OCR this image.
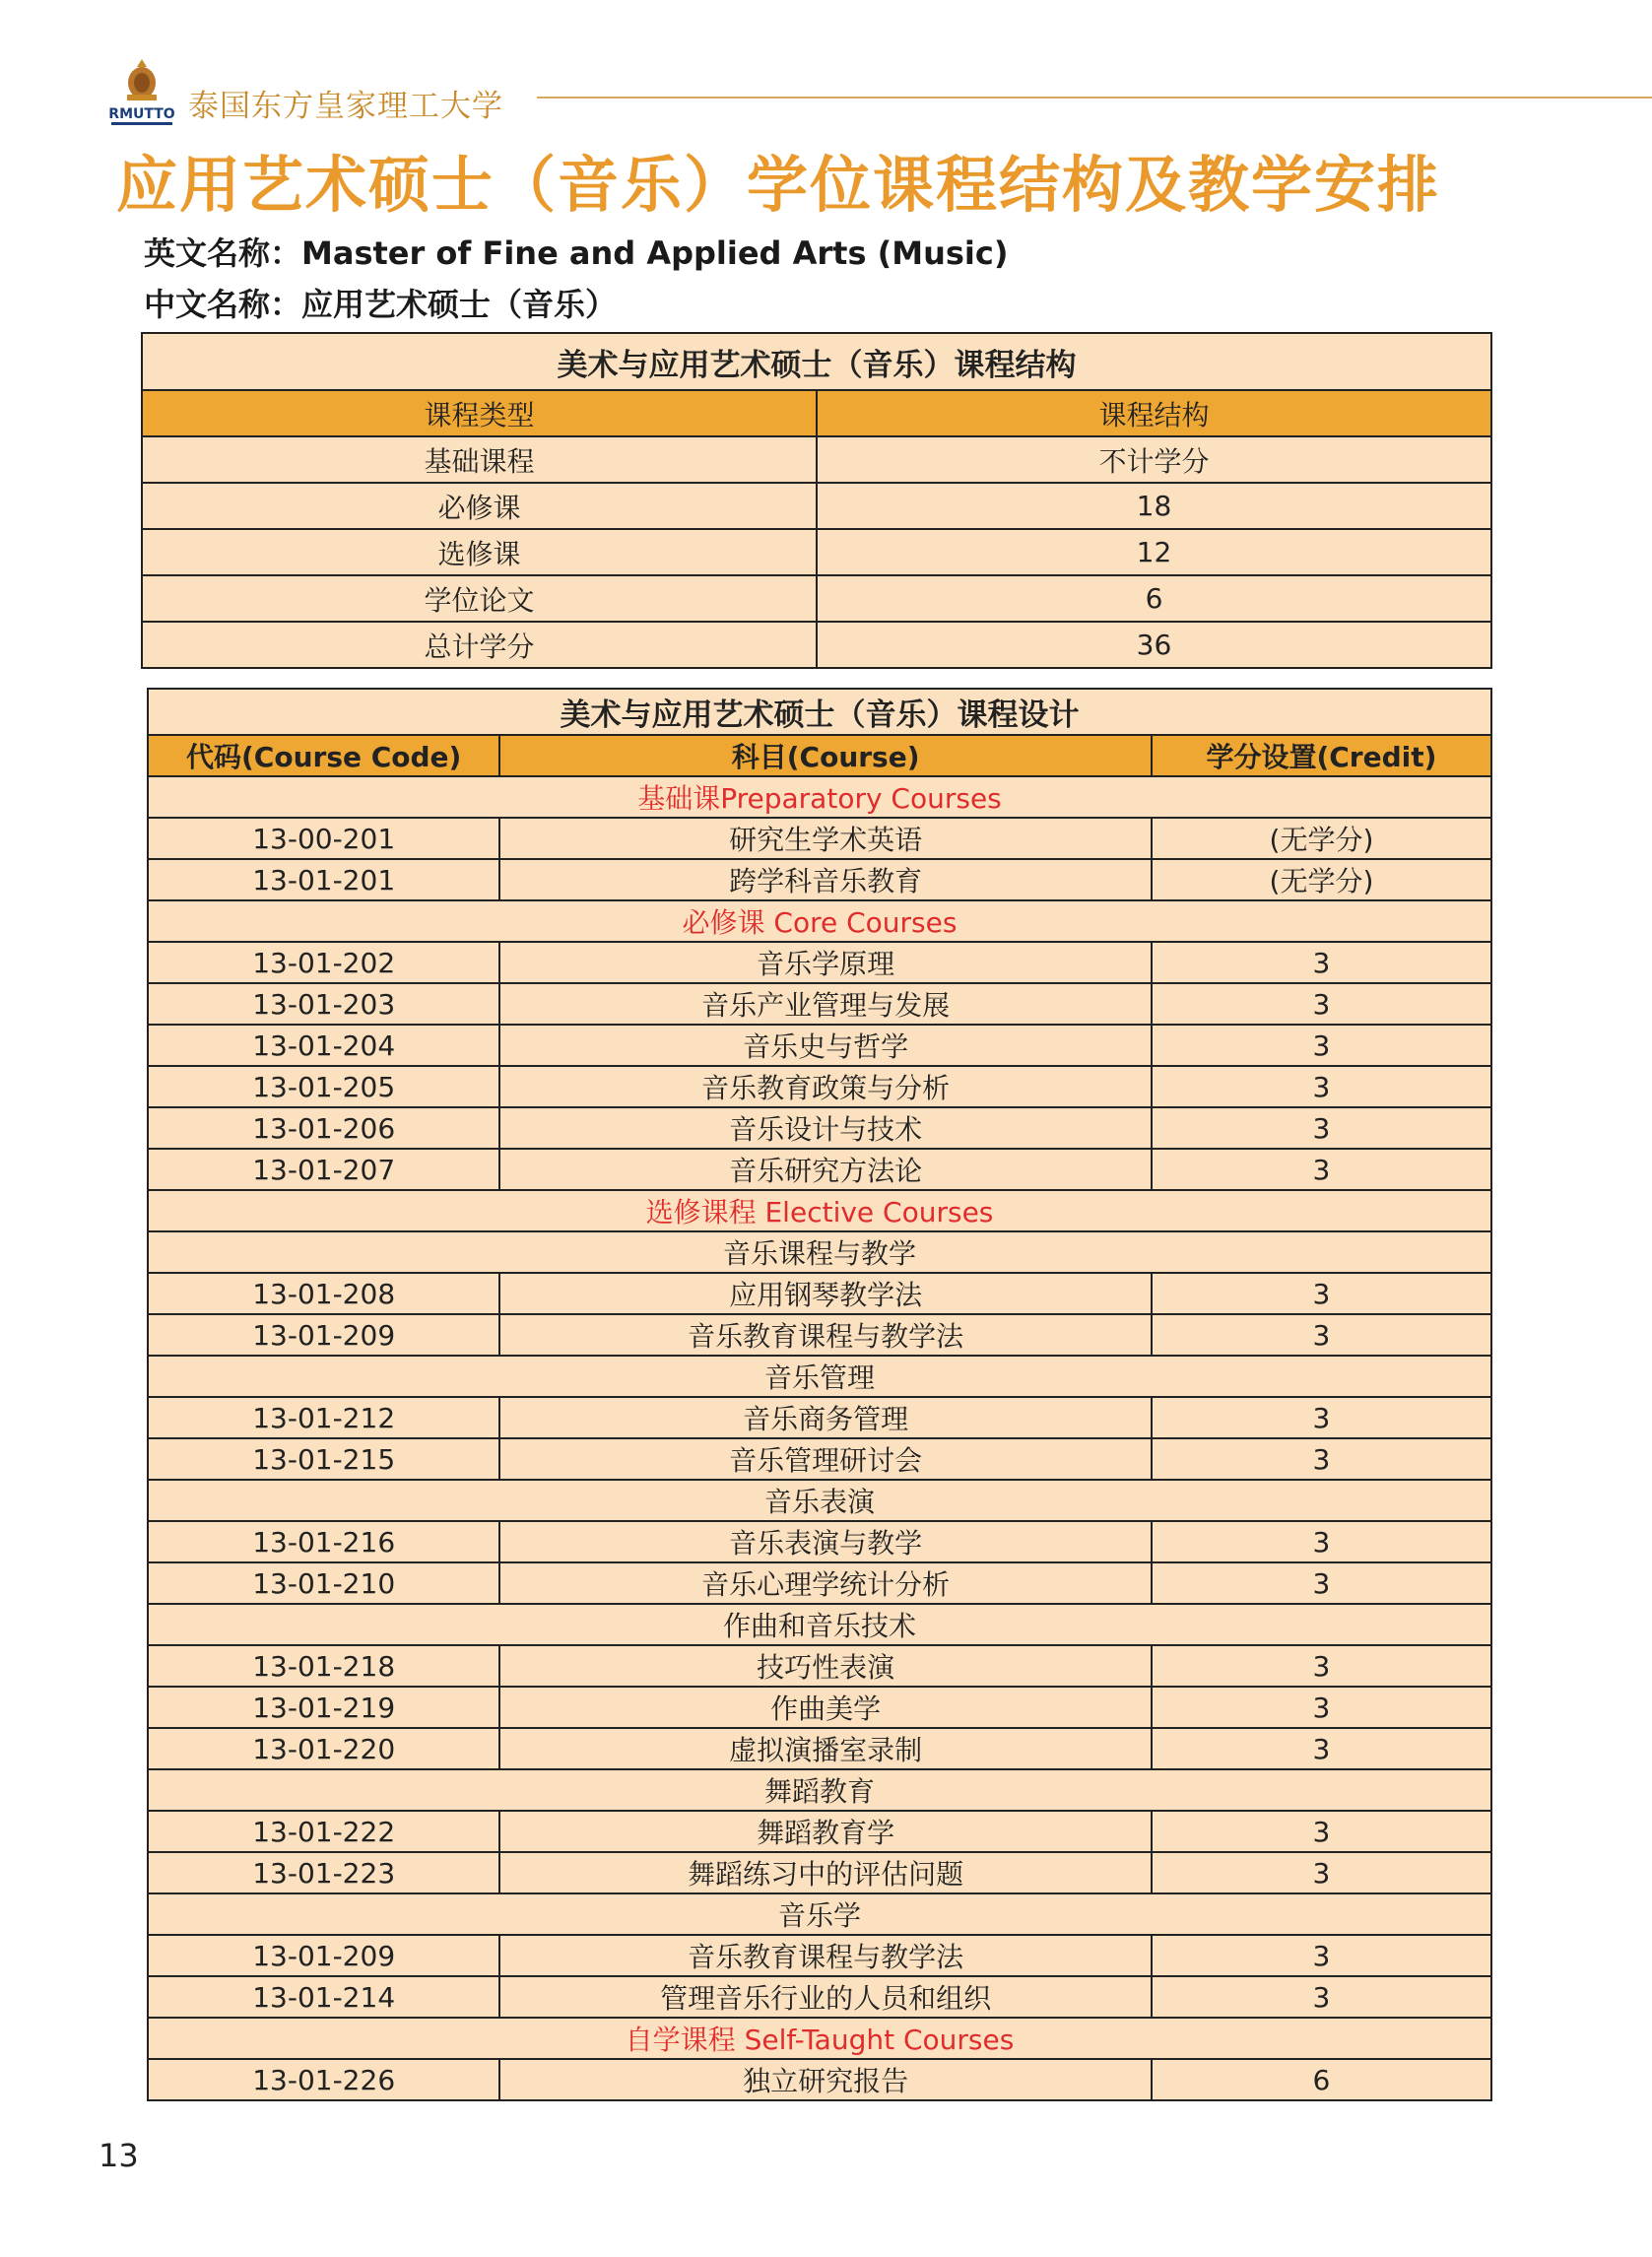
RMUTTO 泰国东方皇家理工大学
应用艺术硕士（音乐）学位课程结构及教学安排
英文名称：Master of Fine and Applied Arts (Music)
中文名称：应用艺术硕士（音乐）
美术与应用艺术硕士（音乐）课程结构	
课程类型	课程结构
基础课程	不计学分
必修课	18
选修课	12
学位论文	6
总计学分	36
美术与应用艺术硕士（音乐）课程设计		
代码(Course Code)	科目(Course)	学分设置(Credit)
基础课Preparatory Courses		
13-00-201	研究生学术英语	(无学分)
13-01-201	跨学科音乐教育	(无学分)
必修课 Core Courses		
13-01-202	音乐学原理	3
13-01-203	音乐产业管理与发展	3
13-01-204	音乐史与哲学	3
13-01-205	音乐教育政策与分析	3
13-01-206	音乐设计与技术	3
13-01-207	音乐研究方法论	3
选修课程 Elective Courses		
音乐课程与教学		
13-01-208	应用钢琴教学法	3
13-01-209	音乐教育课程与教学法	3
音乐管理		
13-01-212	音乐商务管理	3
13-01-215	音乐管理研讨会	3
音乐表演		
13-01-216	音乐表演与教学	3
13-01-210	音乐心理学统计分析	3
作曲和音乐技术		
13-01-218	技巧性表演	3
13-01-219	作曲美学	3
13-01-220	虚拟演播室录制	3
舞蹈教育		
13-01-222	舞蹈教育学	3
13-01-223	舞蹈练习中的评估问题	3
音乐学		
13-01-209	音乐教育课程与教学法	3
13-01-214	管理音乐行业的人员和组织	3
自学课程 Self-Taught Courses		
13-01-226	独立研究报告	6
13
